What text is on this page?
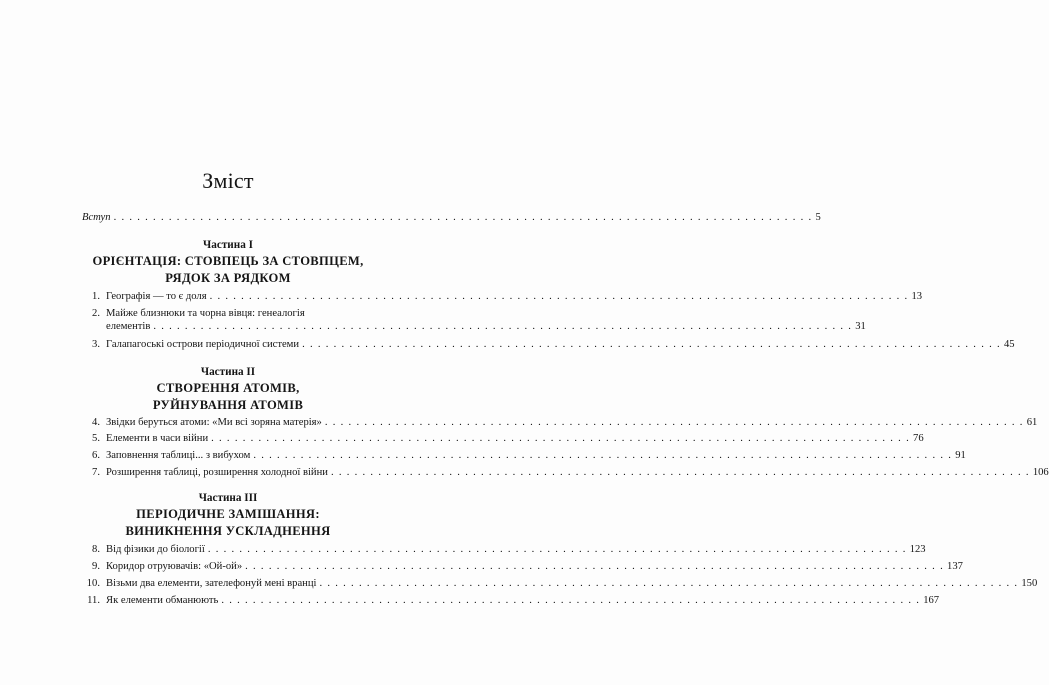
Зміст
Вступ . . .	5
Частина І
ОРІЄНТАЦІЯ: СТОВПЕЦЬ ЗА СТОВПЦЕМ,
РЯДОК ЗА РЯДКОМ
1. Географія — то є доля . . .	13
2. Майже близнюки та чорна вівця: генеалогія
елементів . . .	31
3. Галапагоські острови періодичної системи . . .	45
Частина ІІ
СТВОРЕННЯ АТОМІВ,
РУЙНУВАННЯ АТОМІВ
4. Звідки беруться атоми: «Ми всі зоряна матерія» . . .	61
5. Елементи в часи війни . . .	76
6. Заповнення таблиці... з вибухом . . .	91
7. Розширення таблиці, розширення холодної війни . . .	106
Частина ІІІ
ПЕРІОДИЧНЕ ЗАМІШАННЯ:
ВИНИКНЕННЯ УСКЛАДНЕННЯ
8. Від фізики до біології . . .	123
9. Коридор отруювачів: «Ой-ой» . . .	137
10. Візьми два елементи, зателефонуй мені вранці . . .	150
11. Як елементи обманюють . . .	167
